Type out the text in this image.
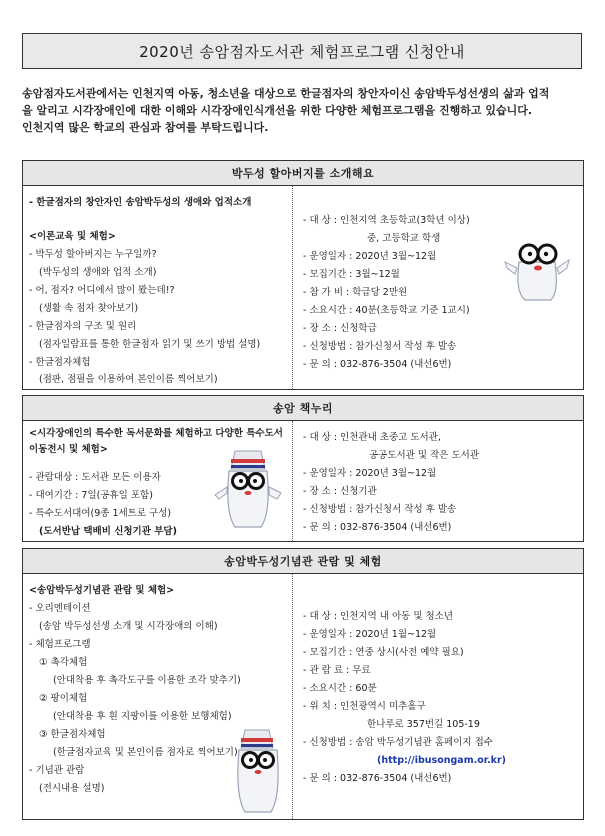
2020년 송암점자도서관 체험프로그램 신청안내

송암점자도서관에서는 인천지역 아동, 청소년을 대상으로 한글점자의 창안자이신 송암박두성선생의 삶과 업적

을 알리고 시각장애인에 대한 이해와 시각장애인식개선을 위한 다양한 체험프로그램을 진행하고 있습니다.

인천지역 많은 학교의 관심과 참여를 부탁드립니다.

박두성 할아버지를 소개해요
- 한글점자의 창안자인 송암박두성의 생애와 업적소개
<이론교육 및 체험>
- 박두성 할아버지는 누구일까?
(박두성의 생애와 업적 소개)
- 어, 점자? 어디에서 많이 봤는데!?
(생활 속 점자 찾아보기)
- 한글점자의 구조 및 원리
(점자일람표를 통한 한글점자 읽기 및 쓰기 방법 설명)
- 한글점자체험
(점판, 점필을 이용하여 본인이름 찍어보기)
- 대 상 : 인천지역 초등학교(3학년 이상)
중, 고등학교 학생
- 운영일자 : 2020년 3월~12월
- 모집기간 : 3월~12월
- 참 가 비 : 학급당 2만원
- 소요시간 : 40분(초등학교 기준 1교시)
- 장 소 : 신청학급
- 신청방법 : 참가신청서 작성 후 발송
- 문 의 : 032-876-3504 (내선6번)
송암 책누리
<시각장애인의 특수한 독서문화를 체험하고 다양한 특수도서
이동전시 및 체험>
- 관람대상 : 도서관 모든 이용자
- 대여기간 : 7일(공휴일 포함)
- 특수도서대여(9종 1세트로 구성)
(도서반납 택배비 신청기관 부담)
- 대 상 : 인천관내 초중고 도서관,
공공도서관 및 작은 도서관
- 운영일자 : 2020년 3월~12월
- 장 소 : 신청기관
- 신청방법 : 참가신청서 작성 후 발송
- 문 의 : 032-876-3504 (내선6번)
송암박두성기념관 관람 및 체험
<송암박두성기념관 관람 및 체험>
- 오리엔테이션
(송암 박두성선생 소개 및 시각장애의 이해)
- 체험프로그램
① 촉각체험
(안대착용 후 촉각도구를 이용한 조각 맞추기)
② 팡이체험
(안대착용 후 흰 지팡이를 이용한 보행체험)
③ 한글점자체험
(한글점자교육 및 본인이름 점자로 찍어보기)
- 기념관 관람
(전시내용 설명)
- 대 상 : 인천지역 내 아동 및 청소년
- 운영일자 : 2020년 1월~12월
- 모집기간 : 연중 상시(사전 예약 필요)
- 관 람 료 : 무료
- 소요시간 : 60분
- 위 치 : 인천광역시 미추홀구
한나루로 357번길 105-19
- 신청방법 : 송암 박두성기념관 홈페이지 접수
(http://ibusongam.or.kr)
- 문 의 : 032-876-3504 (내선6번)
